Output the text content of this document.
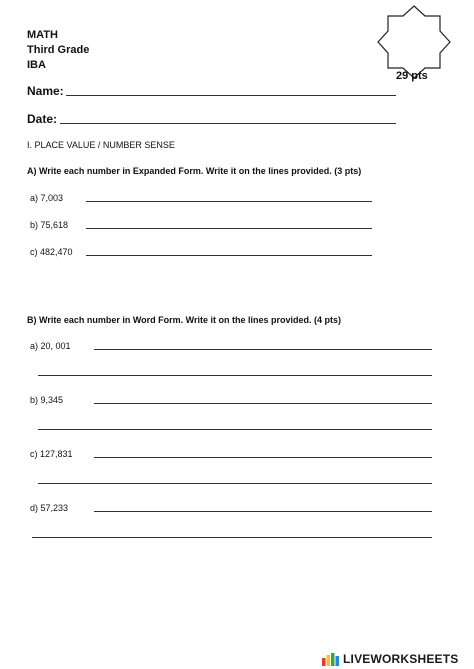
MATH
Third Grade
IBA
29 pts
Name:
Date:
I. PLACE VALUE / NUMBER SENSE
A) Write each number in Expanded Form. Write it on the lines provided. (3 pts)
a) 7,003
b) 75,618
c) 482,470
B) Write each number in Word Form. Write it on the lines provided. (4 pts)
a) 20, 001
b) 9,345
c) 127,831
d) 57,233
LIVEWORKSHEETS
